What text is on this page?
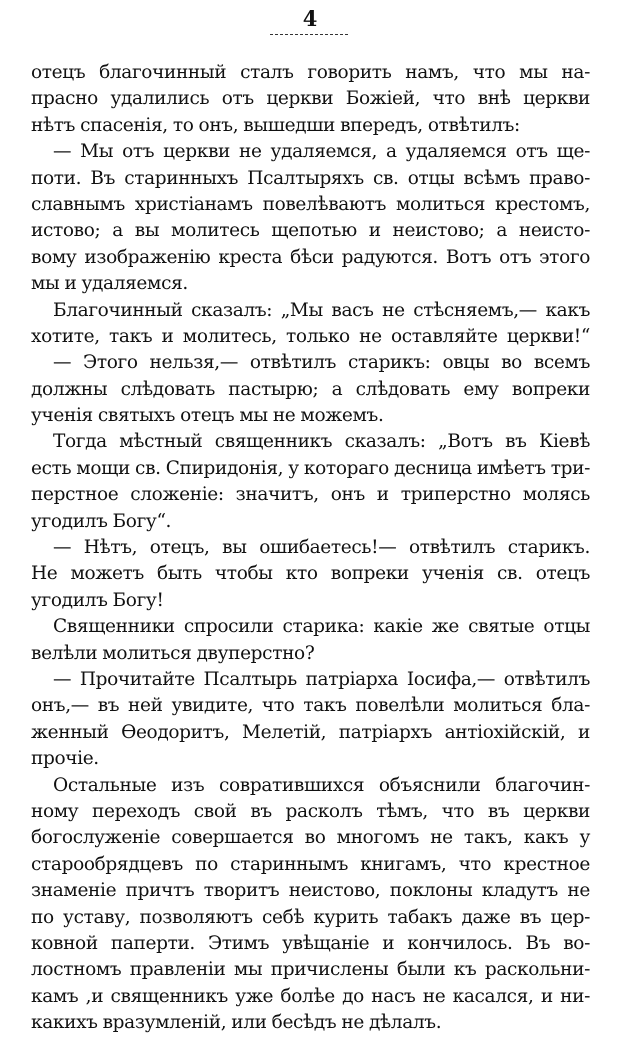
4
отецъ благочинный сталъ говорить намъ, что мы на-
прасно удалились отъ церкви Божіей, что внѣ церкви
нѣтъ спасенія, то онъ, вышедши впередъ, отвѣтилъ:
— Мы отъ церкви не удаляемся, а удаляемся отъ ще-
поти. Въ старинныхъ Псалтыряхъ св. отцы всѣмъ право-
славнымъ христіанамъ повелѣваютъ молиться крестомъ,
истово; а вы молитесь щепотью и неистово; а неисто-
вому изображенію креста бѣси радуются. Вотъ отъ этого
мы и удаляемся.
Благочинный сказалъ: „Мы васъ не стѣсняемъ,— какъ
хотите, такъ и молитесь, только не оставляйте церкви!“
— Этого нельзя,— отвѣтилъ старикъ: овцы во всемъ
должны слѣдовать пастырю; а слѣдовать ему вопреки
ученія святыхъ отецъ мы не можемъ.
Тогда мѣстный священникъ сказалъ: „Вотъ въ Кіевѣ
есть мощи св. Спиридонія, у котораго десница имѣетъ три-
перстное сложеніе: значитъ, онъ и триперстно молясь
угодилъ Богу“.
— Нѣтъ, отецъ, вы ошибаетесь!— отвѣтилъ старикъ.
Не можетъ быть чтобы кто вопреки ученія св. отецъ
угодилъ Богу!
Священники спросили старика: какіе же святые отцы
велѣли молиться двуперстно?
— Прочитайте Псалтырь патріарха Іосифа,— отвѣтилъ
онъ,— въ ней увидите, что такъ повелѣли молиться бла-
женный Ѳеодоритъ, Мелетій, патріархъ антіохійскій, и
прочіе.
Остальные изъ совратившихся объяснили благочин-
ному переходъ свой въ расколъ тѣмъ, что въ церкви
богослуженіе совершается во многомъ не такъ, какъ у
старообрядцевъ по стариннымъ книгамъ, что крестное
знаменіе причтъ творитъ неистово, поклоны кладутъ не
по уставу, позволяютъ себѣ курить табакъ даже въ цер-
ковной паперти. Этимъ увѣщаніе и кончилось. Въ во-
лостномъ правленіи мы причислены были къ раскольни-
камъ ,и священникъ уже болѣе до насъ не касался, и ни-
какихъ вразумленій, или бесѣдъ не дѣлалъ.
